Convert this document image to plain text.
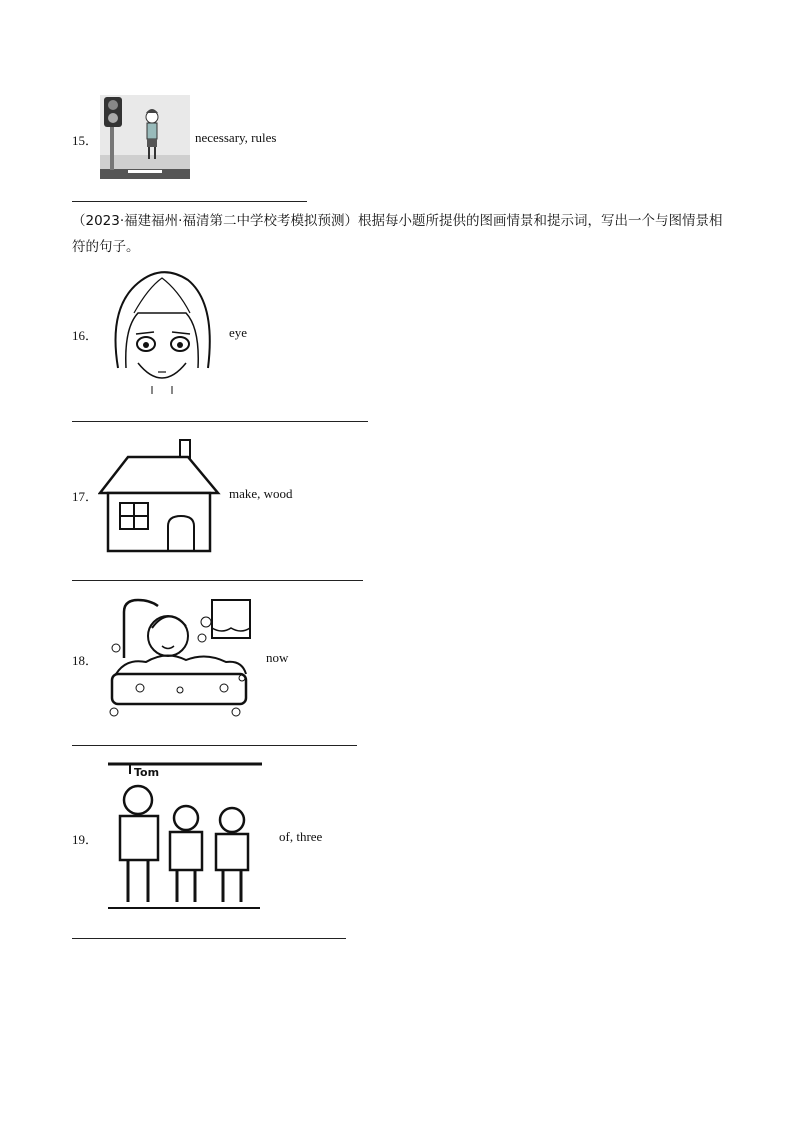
15．	necessary, rules
（2023·福建福州·福清第二中学校考模拟预测）根据每小题所提供的图画情景和提示词，写出一个与图情景相符的句子。
16．	eye
17．	make, wood
18．	now
19．
Tom
of, three
